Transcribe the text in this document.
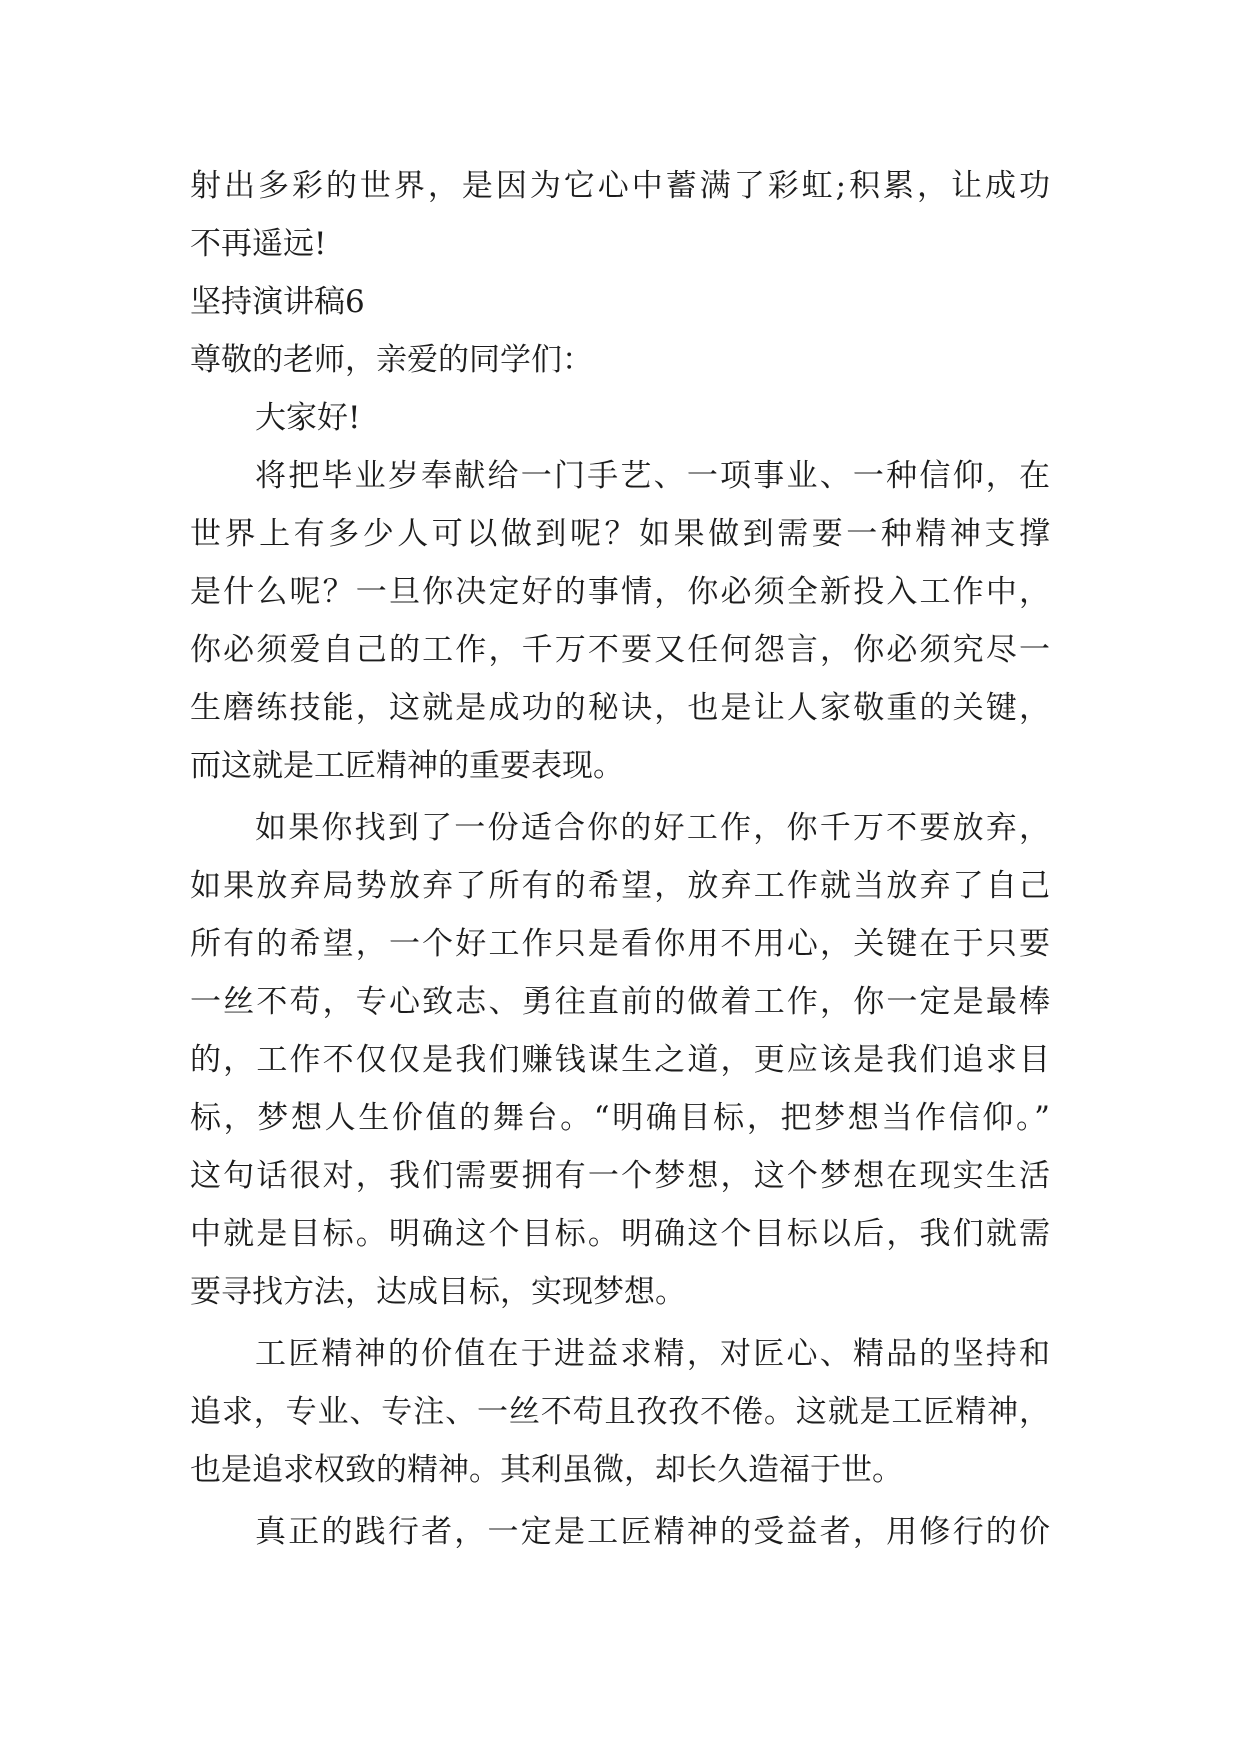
射出多彩的世界，是因为它心中蓄满了彩虹;积累，让成功
不再遥远!
坚持演讲稿6
尊敬的老师，亲爱的同学们：
大家好!
将把毕业岁奉献给一门手艺、一项事业、一种信仰，在
世界上有多少人可以做到呢？如果做到需要一种精神支撑
是什么呢？一旦你决定好的事情，你必须全新投入工作中，
你必须爱自己的工作，千万不要又任何怨言，你必须究尽一
生磨练技能，这就是成功的秘诀，也是让人家敬重的关键，
而这就是工匠精神的重要表现。
如果你找到了一份适合你的好工作，你千万不要放弃，
如果放弃局势放弃了所有的希望，放弃工作就当放弃了自己
所有的希望，一个好工作只是看你用不用心，关键在于只要
一丝不苟，专心致志、勇往直前的做着工作，你一定是最棒
的，工作不仅仅是我们赚钱谋生之道，更应该是我们追求目
标，梦想人生价值的舞台。“明确目标，把梦想当作信仰。”
这句话很对，我们需要拥有一个梦想，这个梦想在现实生活
中就是目标。明确这个目标。明确这个目标以后，我们就需
要寻找方法，达成目标，实现梦想。
工匠精神的价值在于进益求精，对匠心、精品的坚持和
追求，专业、专注、一丝不苟且孜孜不倦。这就是工匠精神，
也是追求权致的精神。其利虽微，却长久造福于世。
真正的践行者，一定是工匠精神的受益者，用修行的价
